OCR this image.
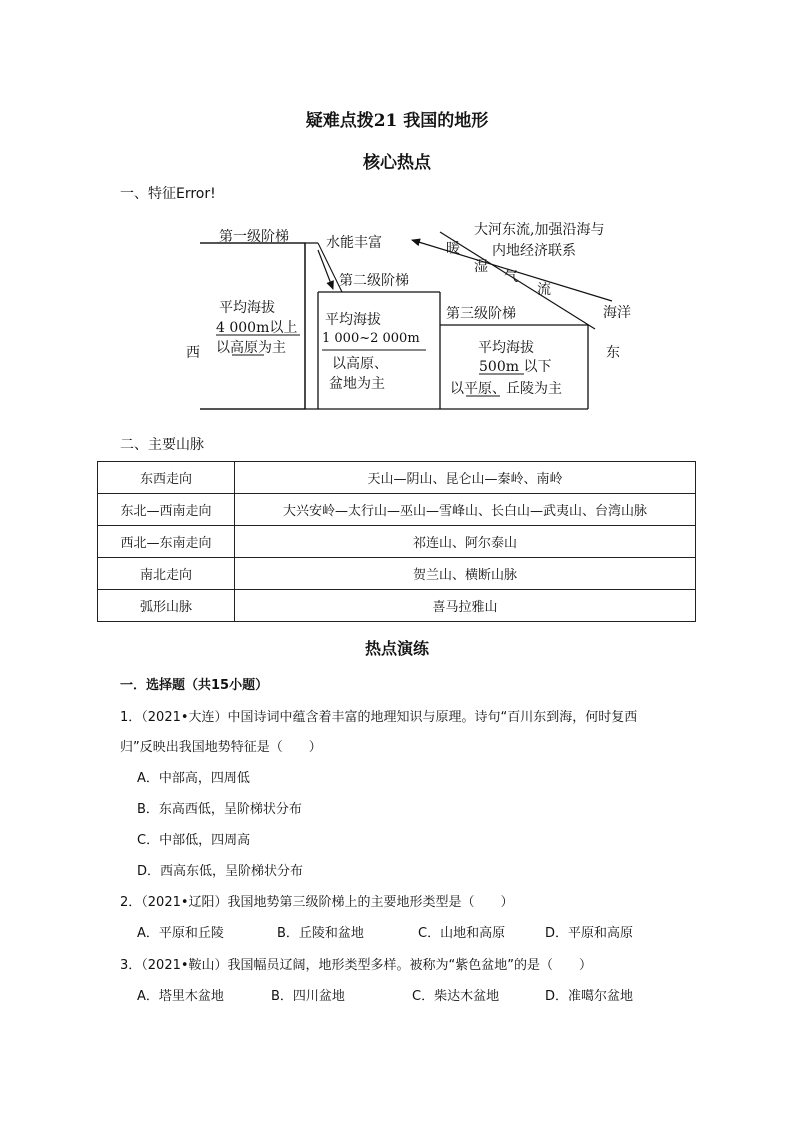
疑难点拨21 我国的地形
核心热点
一、特征Error!
第一级阶梯	水能丰富
第二级阶梯
第三级阶梯
大河东流,加强沿海与
内地经济联系
暖
湿
气
流
海洋
西	东
平均海拔
4 000m以上
以高原为主
平均海拔
1 000~2 000m
以高原、
盆地为主
平均海拔
500m 以下
以平原、丘陵为主
二、主要山脉
东西走向	天山—阴山、昆仑山—秦岭、南岭
东北—西南走向	大兴安岭—太行山—巫山—雪峰山、长白山—武夷山、台湾山脉
西北—东南走向	祁连山、阿尔泰山
南北走向	贺兰山、横断山脉
弧形山脉	喜马拉雅山
热点演练
一．选择题（共15小题）
1．（2021•大连）中国诗词中蕴含着丰富的地理知识与原理。诗句“百川东到海，何时复西
归”反映出我国地势特征是（　　）
A．中部高，四周低
B．东高西低，呈阶梯状分布
C．中部低，四周高
D．西高东低，呈阶梯状分布
2．（2021•辽阳）我国地势第三级阶梯上的主要地形类型是（　　）
A．平原和丘陵	B．丘陵和盆地	C．山地和高原	D．平原和高原
3．（2021•鞍山）我国幅员辽阔，地形类型多样。被称为“紫色盆地”的是（　　）
A．塔里木盆地	B．四川盆地	C．柴达木盆地	D．准噶尔盆地
